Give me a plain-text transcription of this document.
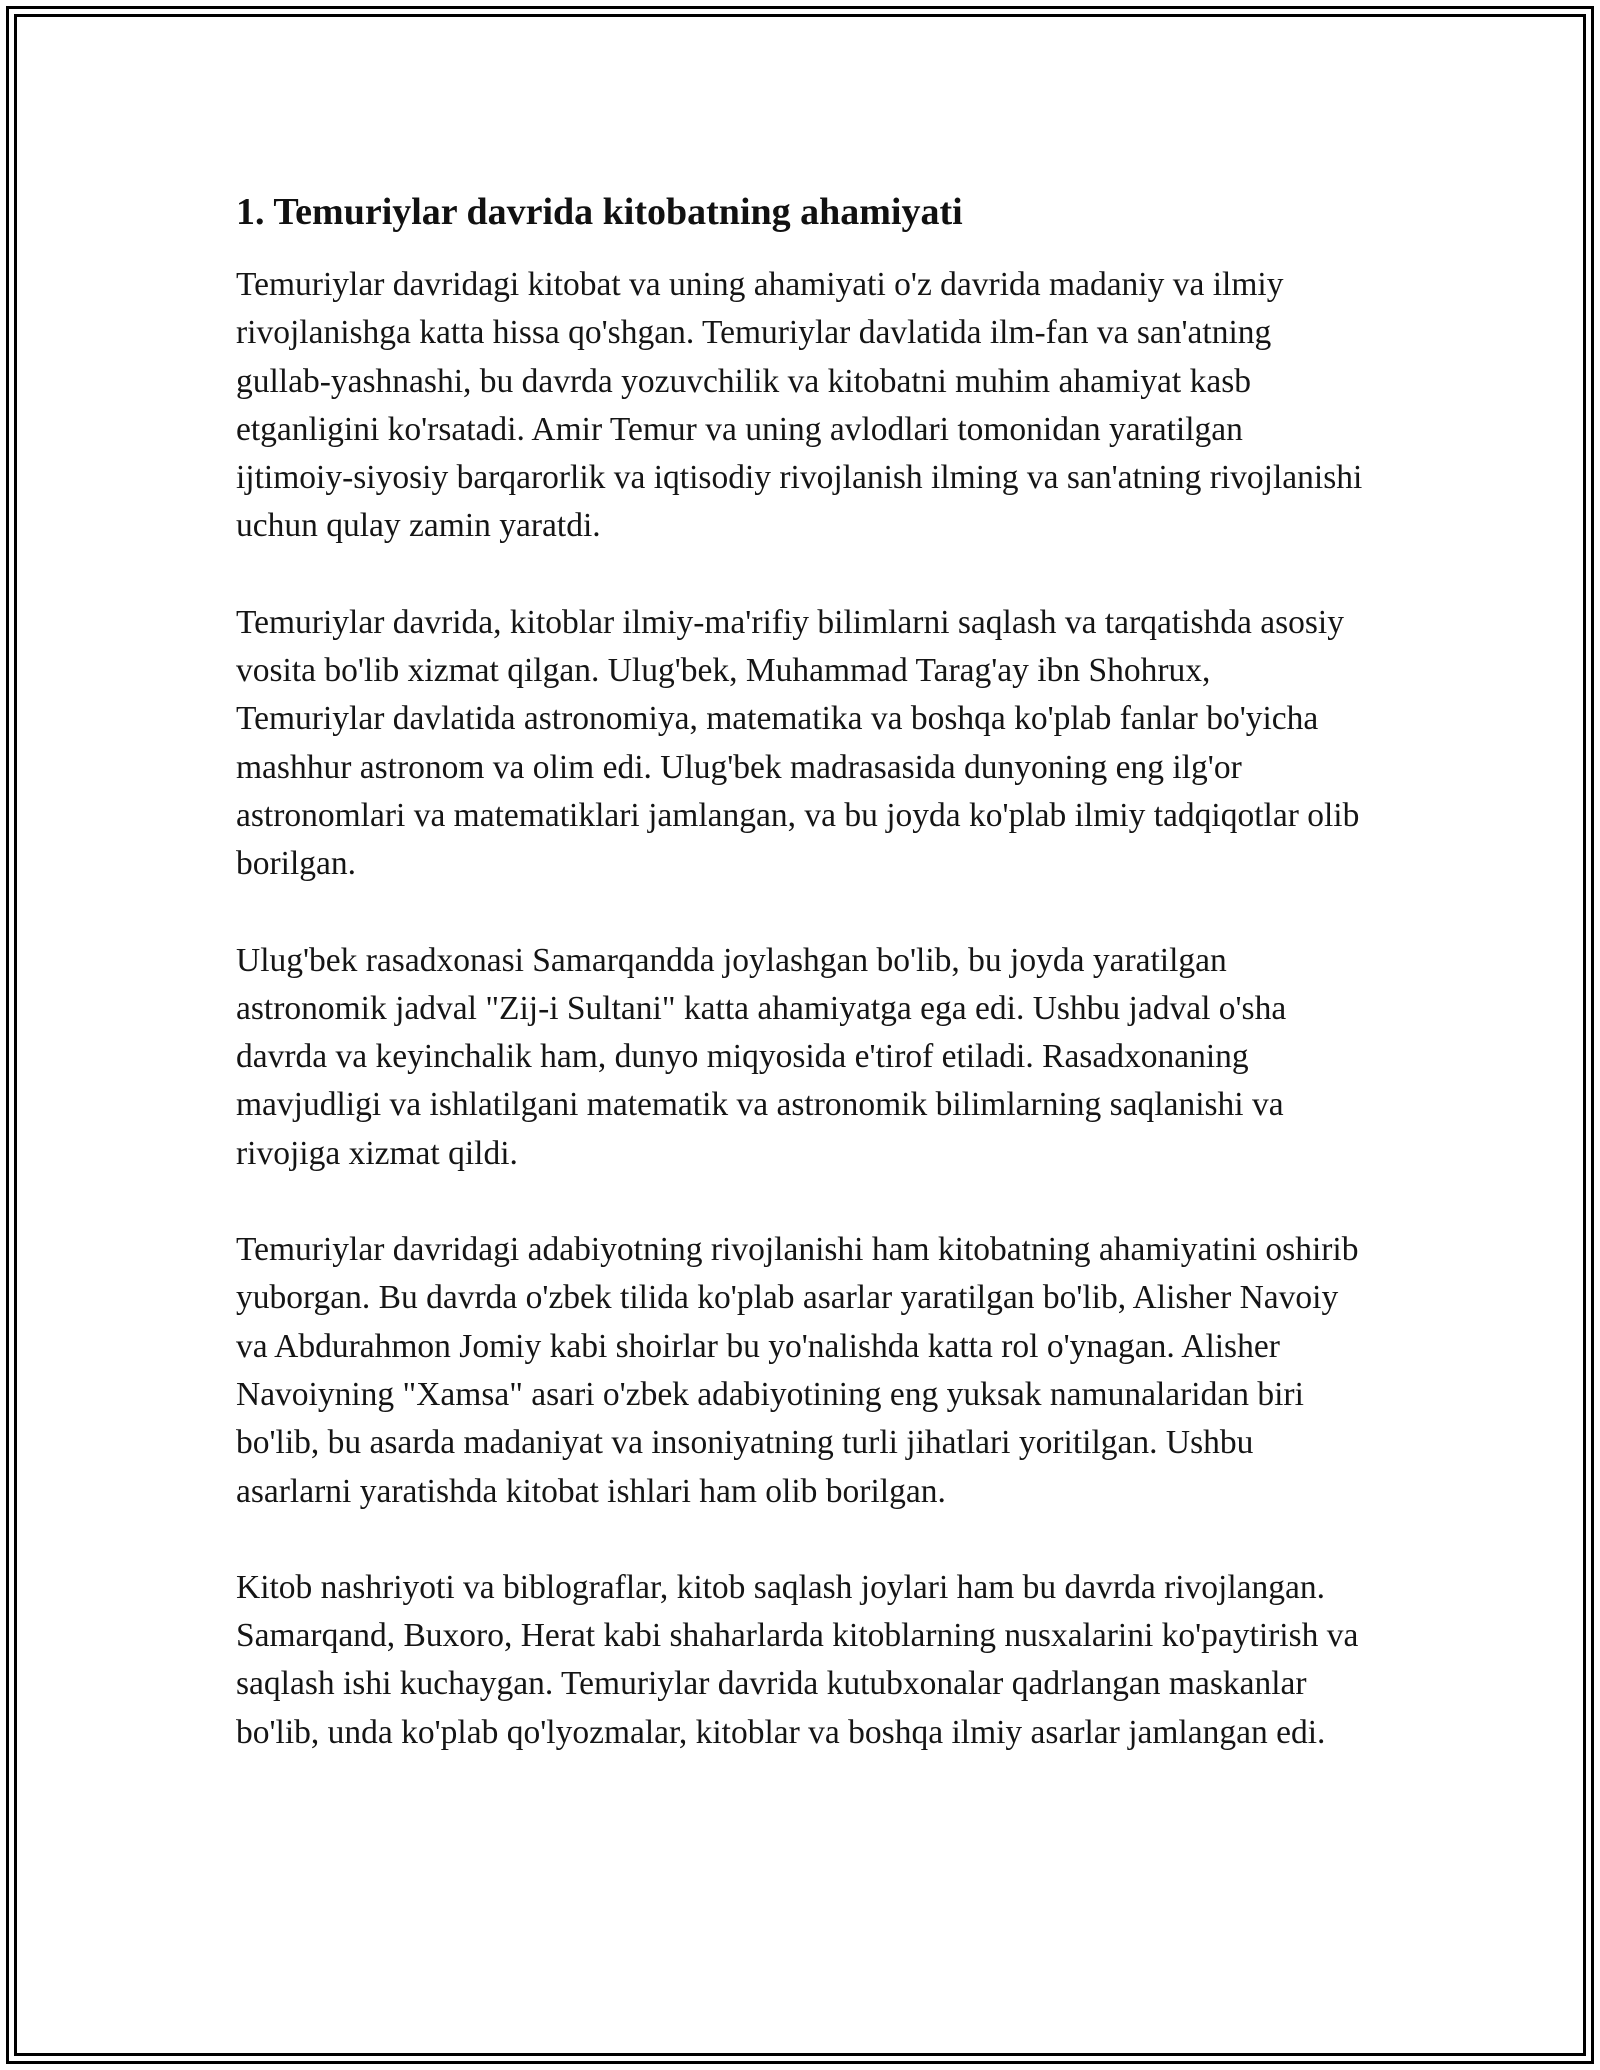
1. Temuriylar davrida kitobatning ahamiyati

Temuriylar davridagi kitobat va uning ahamiyati o'z davrida madaniy va ilmiy rivojlanishga katta hissa qo'shgan. Temuriylar davlatida ilm-fan va san'atning gullab-yashnashi, bu davrda yozuvchilik va kitobatni muhim ahamiyat kasb etganligini ko'rsatadi. Amir Temur va uning avlodlari tomonidan yaratilgan ijtimoiy-siyosiy barqarorlik va iqtisodiy rivojlanish ilming va san'atning rivojlanishi uchun qulay zamin yaratdi.

Temuriylar davrida, kitoblar ilmiy-ma'rifiy bilimlarni saqlash va tarqatishda asosiy vosita bo'lib xizmat qilgan. Ulug'bek, Muhammad Tarag'ay ibn Shohrux, Temuriylar davlatida astronomiya, matematika va boshqa ko'plab fanlar bo'yicha mashhur astronom va olim edi. Ulug'bek madrasasida dunyoning eng ilg'or astronomlari va matematiklari jamlangan, va bu joyda ko'plab ilmiy tadqiqotlar olib borilgan.

Ulug'bek rasadxonasi Samarqandda joylashgan bo'lib, bu joyda yaratilgan astronomik jadval "Zij-i Sultani" katta ahamiyatga ega edi. Ushbu jadval o'sha davrda va keyinchalik ham, dunyo miqyosida e'tirof etiladi. Rasadxonaning mavjudligi va ishlatilgani matematik va astronomik bilimlarning saqlanishi va rivojiga xizmat qildi.

Temuriylar davridagi adabiyotning rivojlanishi ham kitobatning ahamiyatini oshirib yuborgan. Bu davrda o'zbek tilida ko'plab asarlar yaratilgan bo'lib, Alisher Navoiy va Abdurahmon Jomiy kabi shoirlar bu yo'nalishda katta rol o'ynagan. Alisher Navoiyning "Xamsa" asari o'zbek adabiyotining eng yuksak namunalaridan biri bo'lib, bu asarda madaniyat va insoniyatning turli jihatlari yoritilgan. Ushbu asarlarni yaratishda kitobat ishlari ham olib borilgan.

Kitob nashriyoti va biblograflar, kitob saqlash joylari ham bu davrda rivojlangan. Samarqand, Buxoro, Herat kabi shaharlarda kitoblarning nusxalarini ko'paytirish va saqlash ishi kuchaygan. Temuriylar davrida kutubxonalar qadrlangan maskanlar bo'lib, unda ko'plab qo'lyozmalar, kitoblar va boshqa ilmiy asarlar jamlangan edi.
